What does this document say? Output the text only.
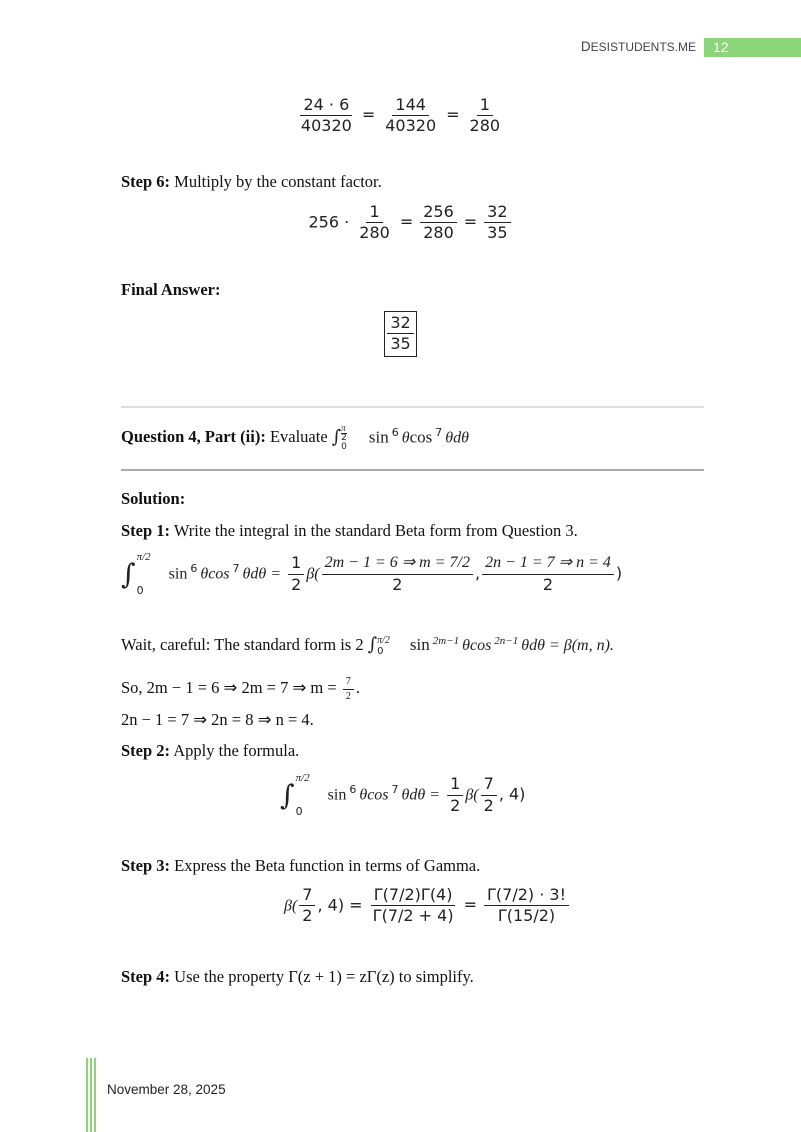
DESISTUDENTS.ME	12
$\frac{24 \cdot 6}{40320} = \frac{144}{40320} = \frac{1}{280}$
Step 6: Multiply by the constant factor.
$256 \cdot \frac{1}{280} = \frac{256}{280} = \frac{32}{35}$
Final Answer:
$\frac{32}{35}$
Question 4, Part (ii): Evaluate ∫ π
2
0
sin $^6$ θcos $^7$ θdθ
Solution:
Step 1: Write the integral in the standard Beta form from Question 3.
∫
π/2
0
sin $^6$ θcos $^7$ $\theta d\theta = \frac{1}{2} \beta( \frac{2m - 1 = 6 \Rightarrow m = 7/2}{2}$ , $\frac{2n - 1 = 7 \Rightarrow n = 4}{2}$ )
Wait, careful: The standard form is 2 ∫ π/2
0	sin $^{2m-1}$ θcos $^{2n-1}$ θdθ = β(m, n).
So, 2m − 1 = 6 ⇒ 2m = 7 ⇒ $m = \frac{7}{2}$ .
2n − 1 = 7 ⇒ 2n = 8 ⇒ n = 4.
Step 2: Apply the formula.
∫
π/2
0
sin $^6$ θcos $^7$ $\theta d\theta = \frac{1}{2} \beta( \frac{7}{2}$ , 4)
Step 3: Express the Beta function in terms of Gamma.
$\beta( \frac{7}{2}$ , $4) = \frac{\Gamma(7/2)\Gamma(4)}{\Gamma(7/2 + 4)} = \frac{\Gamma(7/2) \cdot 3!}{\Gamma(15/2)}$
Step 4: Use the property Γ(z + 1) = zΓ(z) to simplify.
November 28, 2025
